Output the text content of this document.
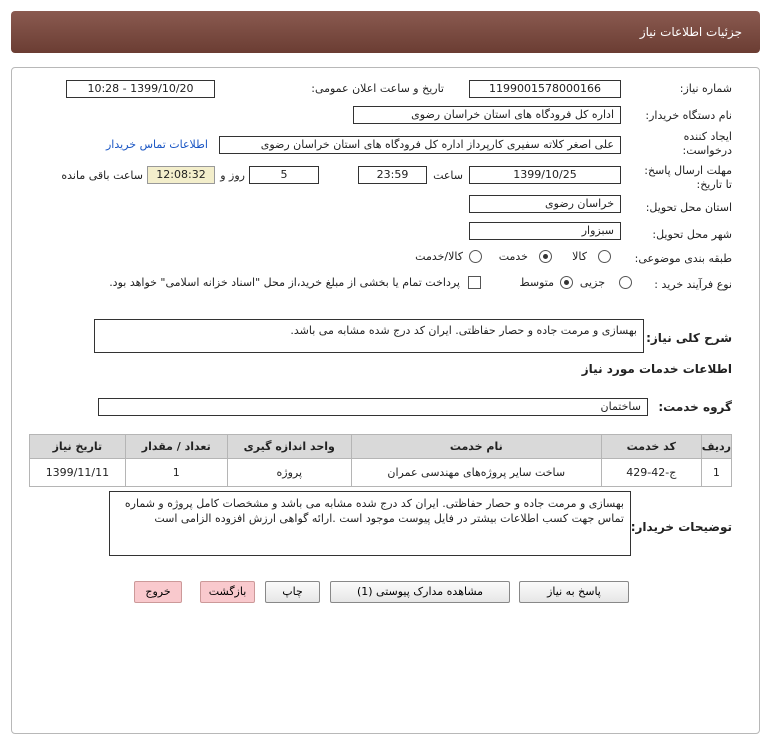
جزئیات اطلاعات نیاز
شماره نیاز:
1199001578000166
تاریخ و ساعت اعلان عمومی:
1399/10/20 - 10:28
نام دستگاه خریدار:
اداره کل فرودگاه های استان خراسان رضوی
ایجاد کننده
درخواست:
علی اصغر کلاته سفیری کارپرداز اداره کل فرودگاه های استان خراسان رضوی
اطلاعات تماس خریدار
مهلت ارسال پاسخ:
تا تاریخ:
1399/10/25
ساعت
23:59
5
روز و
12:08:32
ساعت باقی مانده
استان محل تحویل:
خراسان رضوی
شهر محل تحویل:
سبزوار
طبقه بندی موضوعی:
کالا
خدمت
کالا/خدمت
نوع فرآیند خرید :
جزیی
متوسط
پرداخت تمام یا بخشی از مبلغ خرید،از محل "اسناد خزانه اسلامی" خواهد بود.
شرح کلی نیاز:
بهسازی و مرمت جاده و حصار حفاظتی. ایران کد درج شده مشابه می باشد.
اطلاعات خدمات مورد نیاز
گروه خدمت:
ساختمان
ردیف	کد خدمت	نام خدمت	واحد اندازه گیری	تعداد / مقدار	تاریخ نیاز
1	ج-42-429	ساخت سایر پروژه‌های مهندسی عمران	پروژه	1	1399/11/11
توضیحات خریدار:
بهسازی و مرمت جاده و حصار حفاظتی. ایران کد درج شده مشابه می باشد و مشخصات کامل پروژه و شماره تماس جهت کسب اطلاعات بیشتر در فایل پیوست موجود است .ارائه گواهی ارزش افزوده الزامی است
پاسخ به نیاز
مشاهده مدارک پیوستی (1)
چاپ
بازگشت
خروج
